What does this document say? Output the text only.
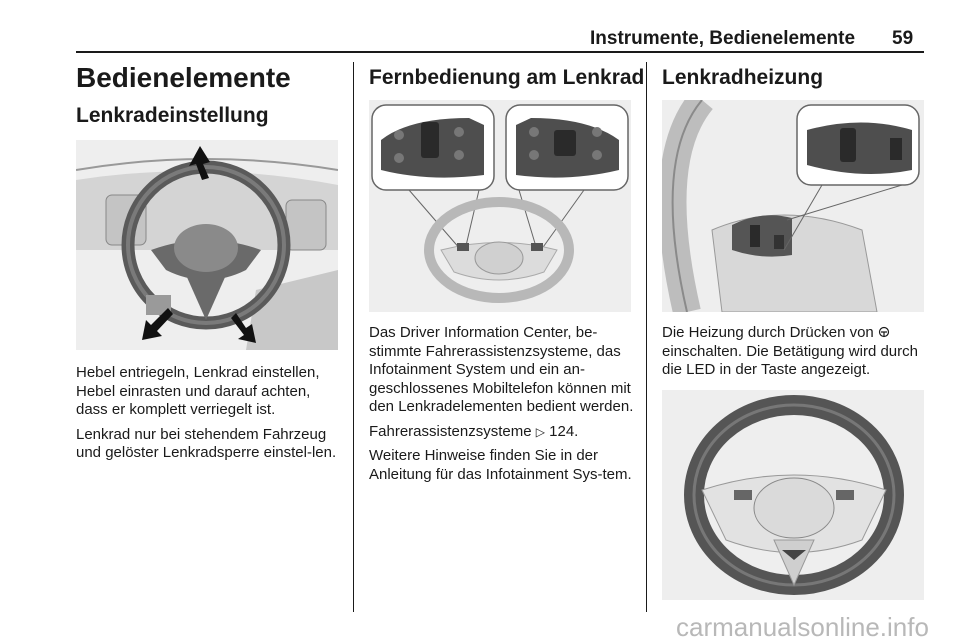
Instrumente, Bedienelemente 59
Bedienelemente
Lenkradeinstellung

Hebel entriegeln, Lenkrad einstellen, Hebel einrasten und darauf achten, dass er komplett verriegelt ist.

Lenkrad nur bei stehendem Fahrzeug und gelöster Lenkradsperre einstel-len.

Fernbedienung am Lenkrad

Das Driver Information Center, be-stimmte Fahrerassistenzsysteme, das Infotainment System und ein an-geschlossenes Mobiltelefon können mit den Lenkradelementen bedient werden.

Fahrerassistenzsysteme ▷ 124.

Weitere Hinweise finden Sie in der Anleitung für das Infotainment Sys-tem.

Lenkradheizung

Die Heizung durch Drücken von  einschalten. Die Betätigung wird durch die LED in der Taste angezeigt.

carmanualsonline.info
